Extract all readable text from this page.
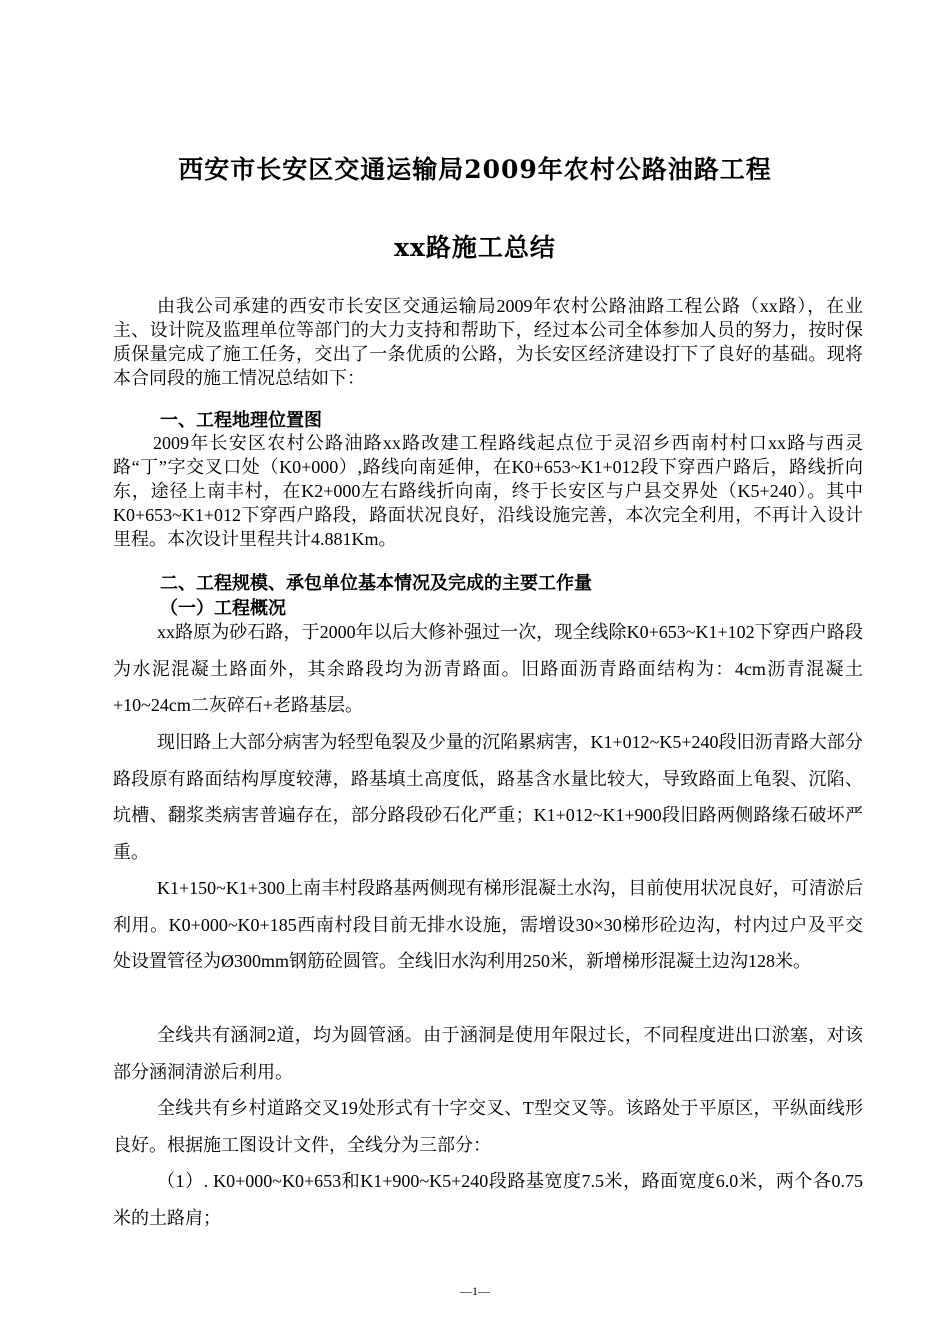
西安市长安区交通运输局2009年农村公路油路工程
xx路施工总结
由我公司承建的西安市长安区交通运输局2009年农村公路油路工程公路（xx路），在业主、设计院及监理单位等部门的大力支持和帮助下，经过本公司全体参加人员的努力，按时保质保量完成了施工任务，交出了一条优质的公路，为长安区经济建设打下了良好的基础。现将本合同段的施工情况总结如下：
一、工程地理位置图
2009年长安区农村公路油路xx路改建工程路线起点位于灵沼乡西南村村口xx路与西灵路“丁”字交叉口处（K0+000）,路线向南延伸，在K0+653~K1+012段下穿西户路后，路线折向东，途径上南丰村，在K2+000左右路线折向南，终于长安区与户县交界处（K5+240）。其中K0+653~K1+012下穿西户路段，路面状况良好，沿线设施完善，本次完全利用，不再计入设计里程。本次设计里程共计4.881Km。
二、工程规模、承包单位基本情况及完成的主要工作量
（一）工程概况
xx路原为砂石路，于2000年以后大修补强过一次，现全线除K0+653~K1+102下穿西户路段为水泥混凝土路面外，其余路段均为沥青路面。旧路面沥青路面结构为：4cm沥青混凝土+10~24cm二灰碎石+老路基层。
现旧路上大部分病害为轻型龟裂及少量的沉陷累病害，K1+012~K5+240段旧沥青路大部分路段原有路面结构厚度较薄，路基填土高度低，路基含水量比较大，导致路面上龟裂、沉陷、坑槽、翻浆类病害普遍存在，部分路段砂石化严重；K1+012~K1+900段旧路两侧路缘石破坏严重。
K1+150~K1+300上南丰村段路基两侧现有梯形混凝土水沟，目前使用状况良好，可清淤后利用。K0+000~K0+185西南村段目前无排水设施，需增设30×30梯形砼边沟，村内过户及平交处设置管径为Ø300mm钢筋砼圆管。全线旧水沟利用250米，新增梯形混凝土边沟128米。
全线共有涵洞2道，均为圆管涵。由于涵洞是使用年限过长，不同程度进出口淤塞，对该部分涵洞清淤后利用。
全线共有乡村道路交叉19处形式有十字交叉、T型交叉等。该路处于平原区，平纵面线形良好。根据施工图设计文件，全线分为三部分：
（1）. K0+000~K0+653和K1+900~K5+240段路基宽度7.5米，路面宽度6.0米，两个各0.75米的土路肩；
—1—
